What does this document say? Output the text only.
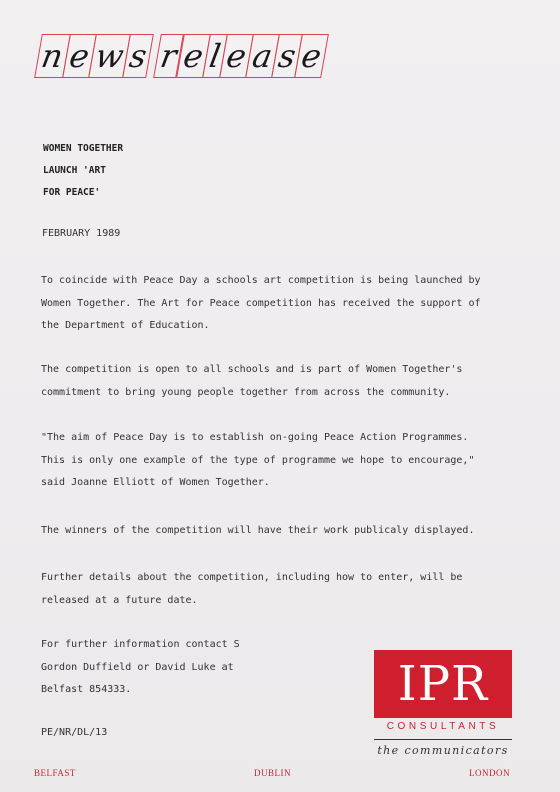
n e w s r e l e a s e
WOMEN TOGETHER
LAUNCH 'ART
FOR PEACE'
FEBRUARY 1989
To coincide with Peace Day a schools art competition is being launched by
Women Together. The Art for Peace competition has received the support of
the Department of Education.
The competition is open to all schools and is part of Women Together's
commitment to bring young people together from across the community.
"The aim of Peace Day is to establish on-going Peace Action Programmes.
This is only one example of the type of programme we hope to encourage,"
said Joanne Elliott of Women Together.
The winners of the competition will have their work publicaly displayed.
Further details about the competition, including how to enter, will be
released at a future date.
For further information contact S
Gordon Duffield or David Luke at
Belfast 854333.
PE/NR/DL/13
IPR
CONSULTANTS
the communicators
BELFAST	DUBLIN	LONDON
